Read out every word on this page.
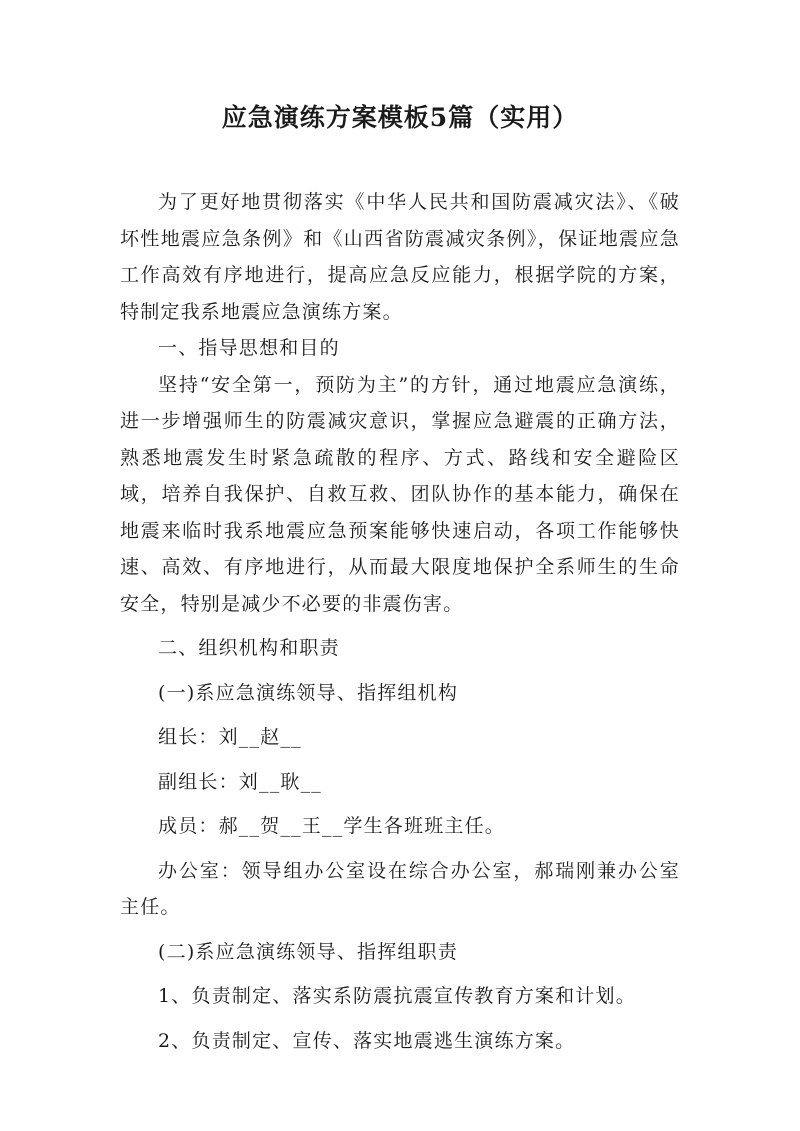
应急演练方案模板5篇（实用）

为了更好地贯彻落实《中华人民共和国防震减灾法》、《破坏性地震应急条例》和《山西省防震减灾条例》，保证地震应急工作高效有序地进行，提高应急反应能力，根据学院的方案，特制定我系地震应急演练方案。

一、指导思想和目的

坚持“安全第一，预防为主”的方针，通过地震应急演练，进一步增强师生的防震减灾意识，掌握应急避震的正确方法，熟悉地震发生时紧急疏散的程序、方式、路线和安全避险区域，培养自我保护、自救互救、团队协作的基本能力，确保在地震来临时我系地震应急预案能够快速启动，各项工作能够快速、高效、有序地进行，从而最大限度地保护全系师生的生命安全，特别是减少不必要的非震伤害。

二、组织机构和职责

(一)系应急演练领导、指挥组机构

组长：刘__赵__

副组长：刘__耿__

成员：郝__贺__王__学生各班班主任。

办公室：领导组办公室设在综合办公室，郝瑞刚兼办公室主任。

(二)系应急演练领导、指挥组职责

1、负责制定、落实系防震抗震宣传教育方案和计划。

2、负责制定、宣传、落实地震逃生演练方案。
